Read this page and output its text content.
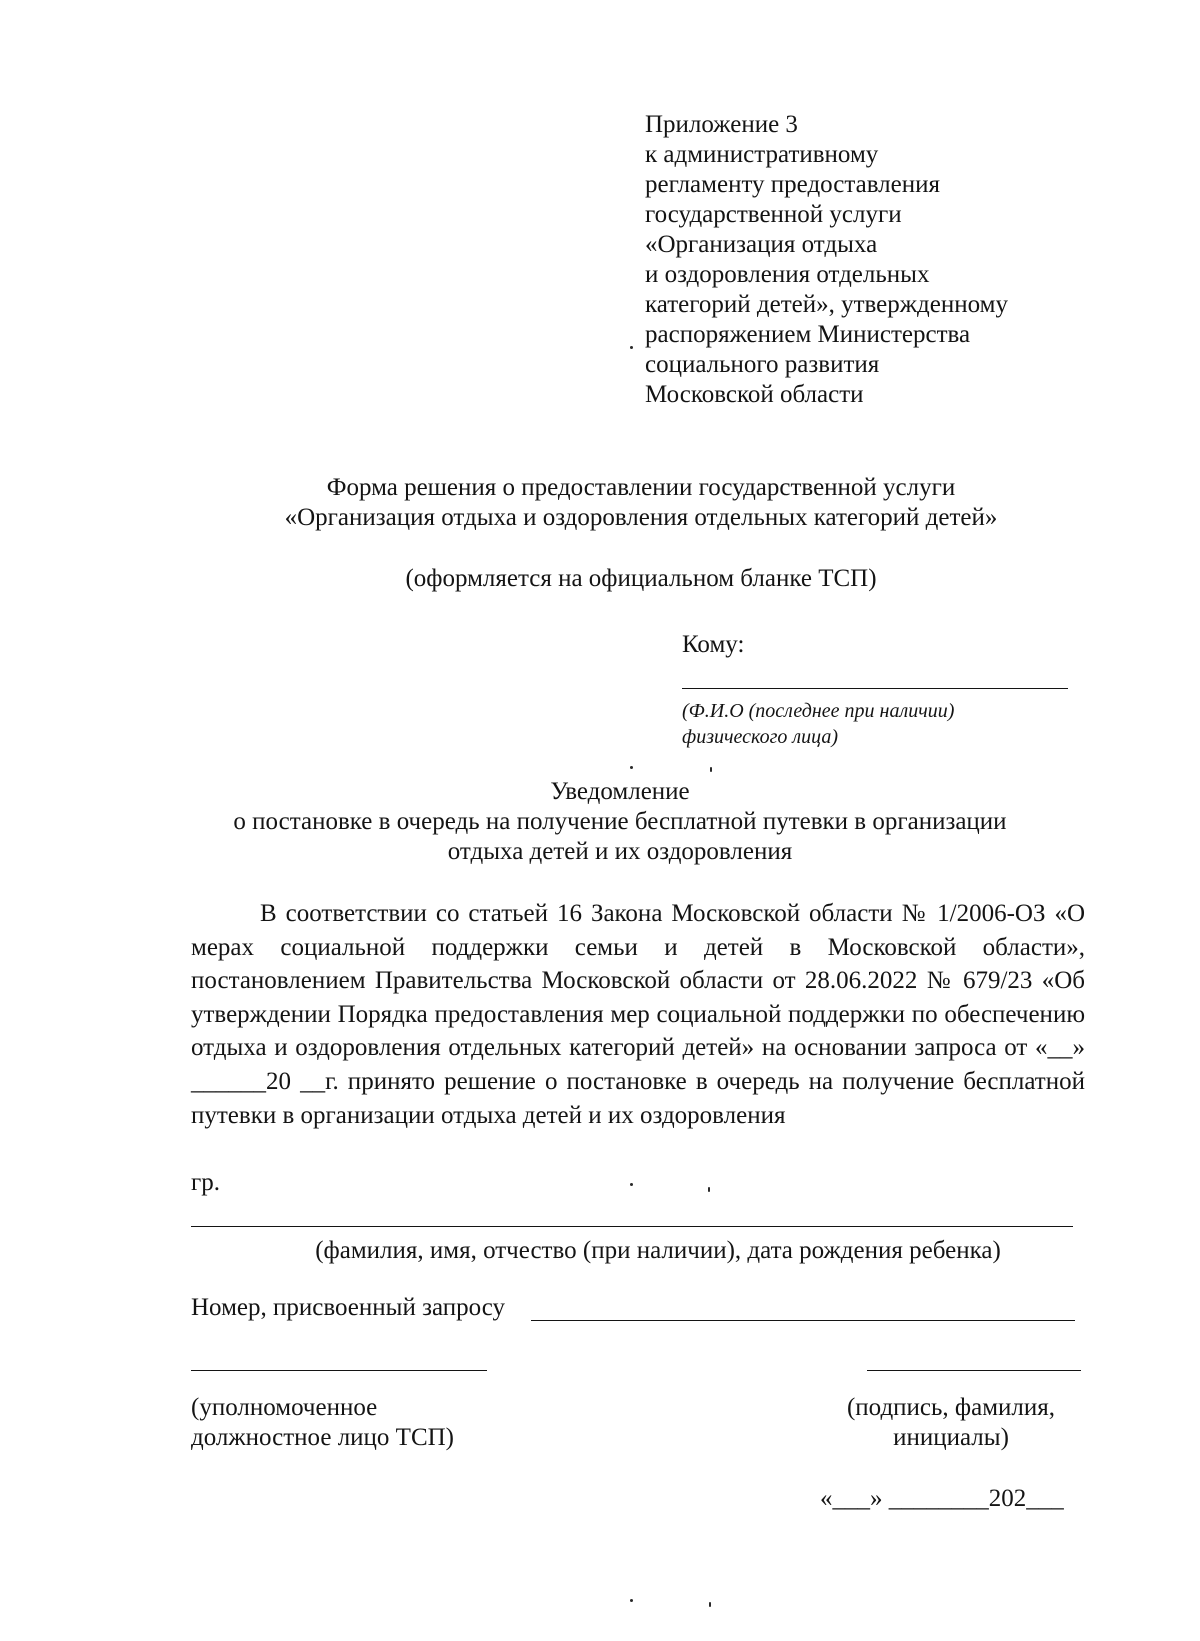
Приложение 3
к административному
регламенту предоставления
государственной услуги
«Организация отдыха
и оздоровления отдельных
категорий детей», утвержденному
распоряжением Министерства
социального развития
Московской области
Форма решения о предоставлении государственной услуги
«Организация отдыха и оздоровления отдельных категорий детей»
(оформляется на официальном бланке ТСП)
Кому:
(Ф.И.О (последнее при наличии)
физического лица)
Уведомление
о постановке в очередь на получение бесплатной путевки в организации
отдыха детей и их оздоровления
В соответствии со статьей 16 Закона Московской области № 1/2006-ОЗ «О мерах социальной поддержки семьи и детей в Московской области», постановлением Правительства Московской области от 28.06.2022 № 679/23 «Об утверждении Порядка предоставления мер социальной поддержки по обеспечению отдыха и оздоровления отдельных категорий детей» на основании запроса от «__» ______20 __г. принято решение о постановке в очередь на получение бесплатной путевки в организации отдыха детей и их оздоровления
гр.
(фамилия, имя, отчество (при наличии), дата рождения ребенка)
Номер, присвоенный запросу
(уполномоченное
должностное лицо ТСП)
(подпись, фамилия,
инициалы)
«___» ________202___
